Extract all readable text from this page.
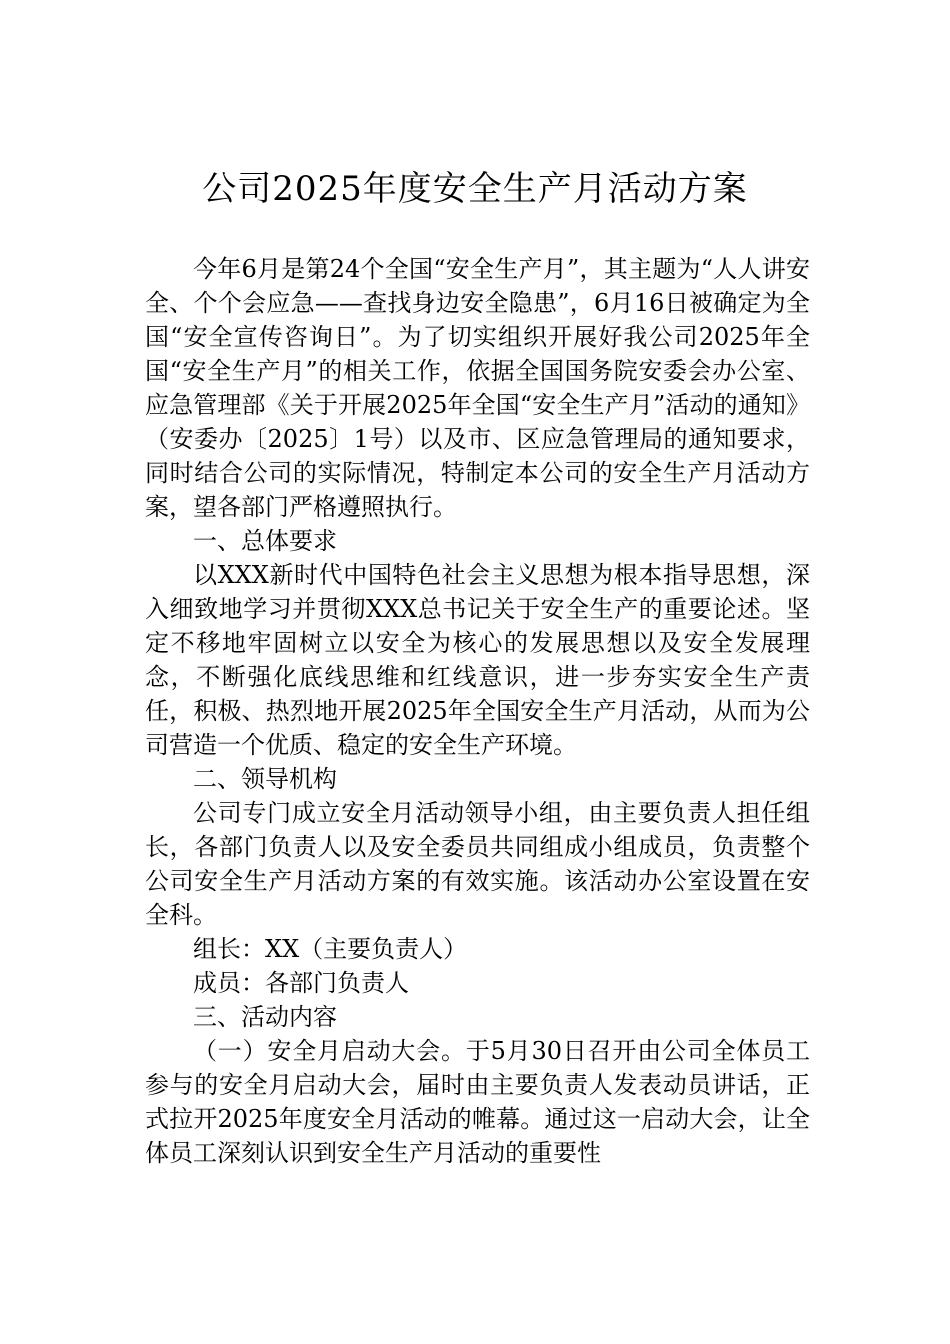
公司2025年度安全生产月活动方案

今年6月是第24个全国“安全生产月”，其主题为“人人讲安全、个个会应急——查找身边安全隐患”，6月16日被确定为全国“安全宣传咨询日”。为了切实组织开展好我公司2025年全国“安全生产月”的相关工作，依据全国国务院安委会办公室、应急管理部《关于开展2025年全国“安全生产月”活动的通知》（安委办〔2025〕1号）以及市、区应急管理局的通知要求，同时结合公司的实际情况，特制定本公司的安全生产月活动方案，望各部门严格遵照执行。

一、总体要求

以XXX新时代中国特色社会主义思想为根本指导思想，深入细致地学习并贯彻XXX总书记关于安全生产的重要论述。坚定不移地牢固树立以安全为核心的发展思想以及安全发展理念，不断强化底线思维和红线意识，进一步夯实安全生产责任，积极、热烈地开展2025年全国安全生产月活动，从而为公司营造一个优质、稳定的安全生产环境。

二、领导机构

公司专门成立安全月活动领导小组，由主要负责人担任组长，各部门负责人以及安全委员共同组成小组成员，负责整个公司安全生产月活动方案的有效实施。该活动办公室设置在安全科。

组长：XX（主要负责人）

成员：各部门负责人

三、活动内容

（一）安全月启动大会。于5月30日召开由公司全体员工参与的安全月启动大会，届时由主要负责人发表动员讲话，正式拉开2025年度安全月活动的帷幕。通过这一启动大会，让全体员工深刻认识到安全生产月活动的重要性
